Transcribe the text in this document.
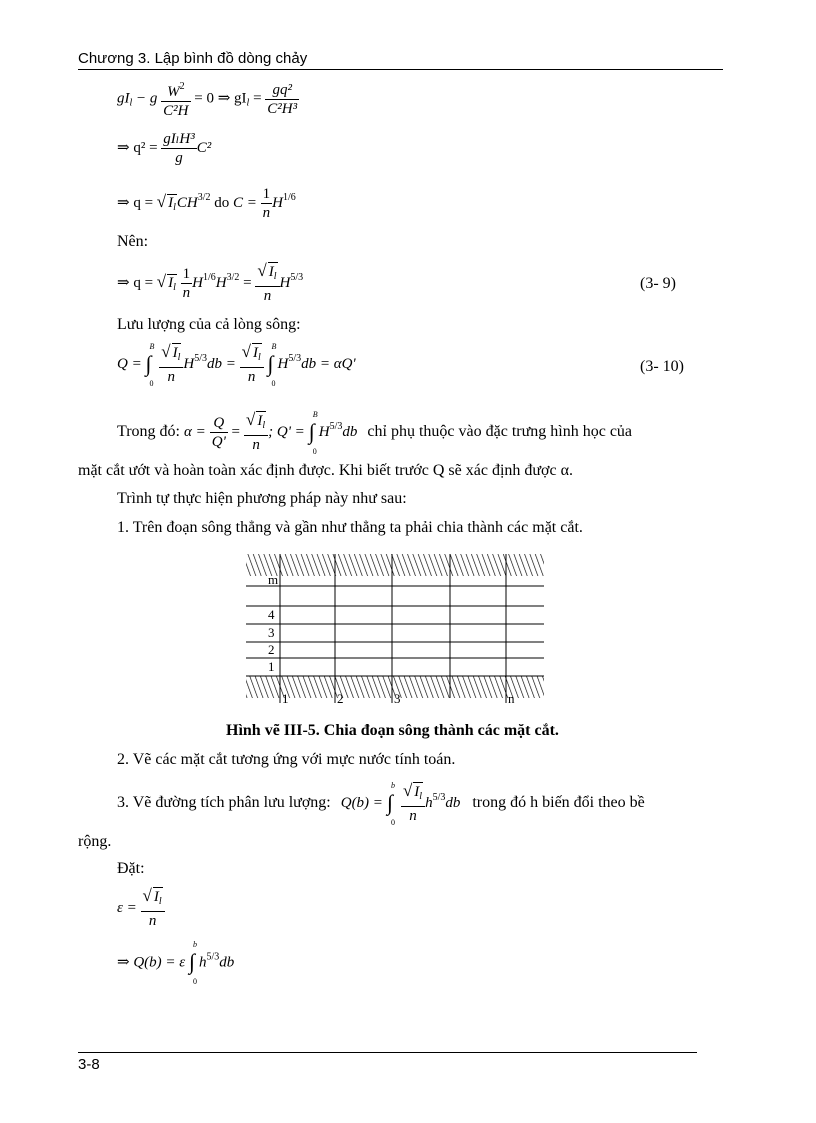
Chương 3. Lập bình đồ dòng chảy
$gI_l - g \frac{W^2}{\text{C²H}} = 0$ ⇒ $gI_l = \frac{\text{gq²}}{\text{C²H³}}$
⇒ $q^2 = \frac{\text{gIₗH³}}{g} C^2$
⇒ q = √ $I_lCH^{3/2}$ do $C = \frac{1}{n} H^{1/6}$
Nên:
⇒ q = √ $I_l \frac{1}{n} H^{1/6}H^{3/2} = \frac{√ I_l}{n} H^{5/3}$	(3- 9)
Lưu lượng của cả lòng sông:
Q = ∫
B
0
$\frac{√ I_l}{n} H^{5/3}db = \frac{√ I_l}{n}$
∫
B
0
$H^{5/3}db = \alpha Q'$	(3- 10)
Trong đó: $\alpha = \frac{Q}{Q'} = \frac{√ I_l}{n}$ ; Q' = ∫
B
0
$H^{5/3}db$ chỉ phụ thuộc vào đặc trưng hình học của
mặt cắt ướt và hoàn toàn xác định được. Khi biết trước Q sẽ xác định được α.
Trình tự thực hiện phương pháp này như sau:
1. Trên đoạn sông thẳng và gần như thẳng ta phải chia thành các mặt cắt.
m
4
3
2
1
1	2	3	n
Hình vẽ III-5. Chia đoạn sông thành các mặt cắt.
2. Vẽ các mặt cắt tương ứng với mực nước tính toán.
3. Vẽ đường tích phân lưu lượng: Q(b) = ∫
b
0
$\frac{√ I_l}{n} h^{5/3}db$ trong đó h biến đổi theo bề
rộng.
Đặt:
$\varepsilon = \frac{√ I_l}{n}$
⇒ Q(b) = ε ∫
b
0
$h^{5/3}db$
3-8
